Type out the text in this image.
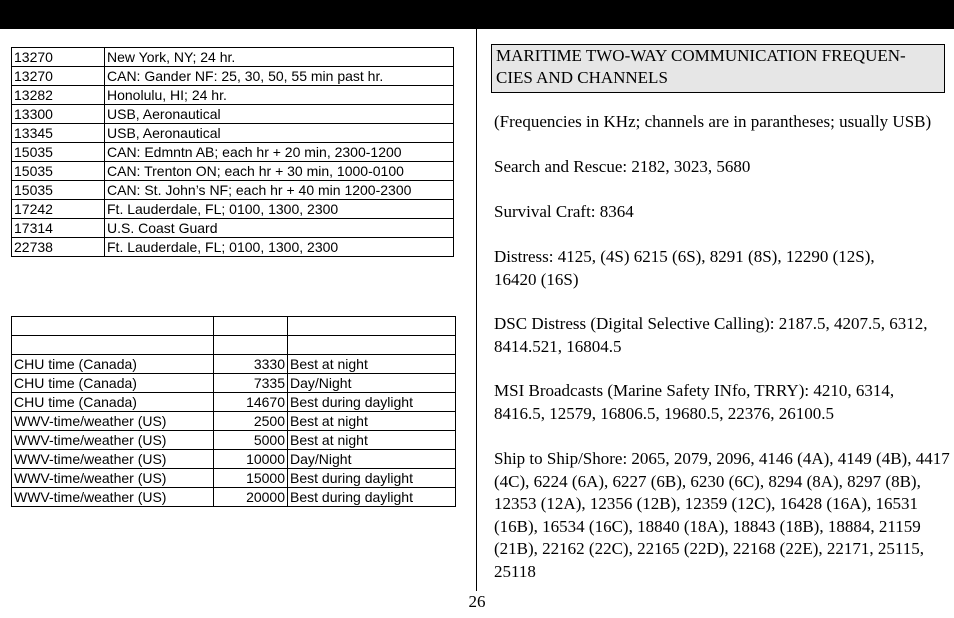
13270	New York, NY; 24 hr.
13270	CAN: Gander NF: 25, 30, 50, 55 min past hr.
13282	Honolulu, HI; 24 hr.
13300	USB, Aeronautical
13345	USB, Aeronautical
15035	CAN: Edmntn AB; each hr + 20 min, 2300-1200
15035	CAN: Trenton ON; each hr + 30 min, 1000-0100
15035	CAN: St. John’s NF; each hr + 40 min 1200-2300
17242	Ft. Lauderdale, FL; 0100, 1300, 2300
17314	U.S. Coast Guard
22738	Ft. Lauderdale, FL; 0100, 1300, 2300

CHU time (Canada)	3330	Best at night
CHU time (Canada)	7335	Day/Night
CHU time (Canada)	14670	Best during daylight
WWV-time/weather (US)	2500	Best at night
WWV-time/weather (US)	5000	Best at night
WWV-time/weather (US)	10000	Day/Night
WWV-time/weather (US)	15000	Best during daylight
WWV-time/weather (US)	20000	Best during daylight
MARITIME TWO-WAY COMMUNICATION FREQUEN-
CIES AND CHANNELS
(Frequencies in KHz; channels are in parantheses; usually USB)
Search and Rescue: 2182, 3023, 5680
Survival Craft: 8364
Distress: 4125, (4S) 6215 (6S), 8291 (8S), 12290 (12S), 16420 (16S)
DSC Distress (Digital Selective Calling): 2187.5, 4207.5, 6312, 8414.521, 16804.5
MSI Broadcasts (Marine Safety INfo, TRRY): 4210, 6314, 8416.5, 12579, 16806.5, 19680.5, 22376, 26100.5
Ship to Ship/Shore: 2065, 2079, 2096, 4146 (4A), 4149 (4B), 4417 (4C), 6224 (6A), 6227 (6B), 6230 (6C), 8294 (8A), 8297 (8B), 12353 (12A), 12356 (12B), 12359 (12C), 16428 (16A), 16531 (16B), 16534 (16C), 18840 (18A), 18843 (18B), 18884, 21159 (21B), 22162 (22C), 22165 (22D), 22168 (22E), 22171, 25115, 25118
26
